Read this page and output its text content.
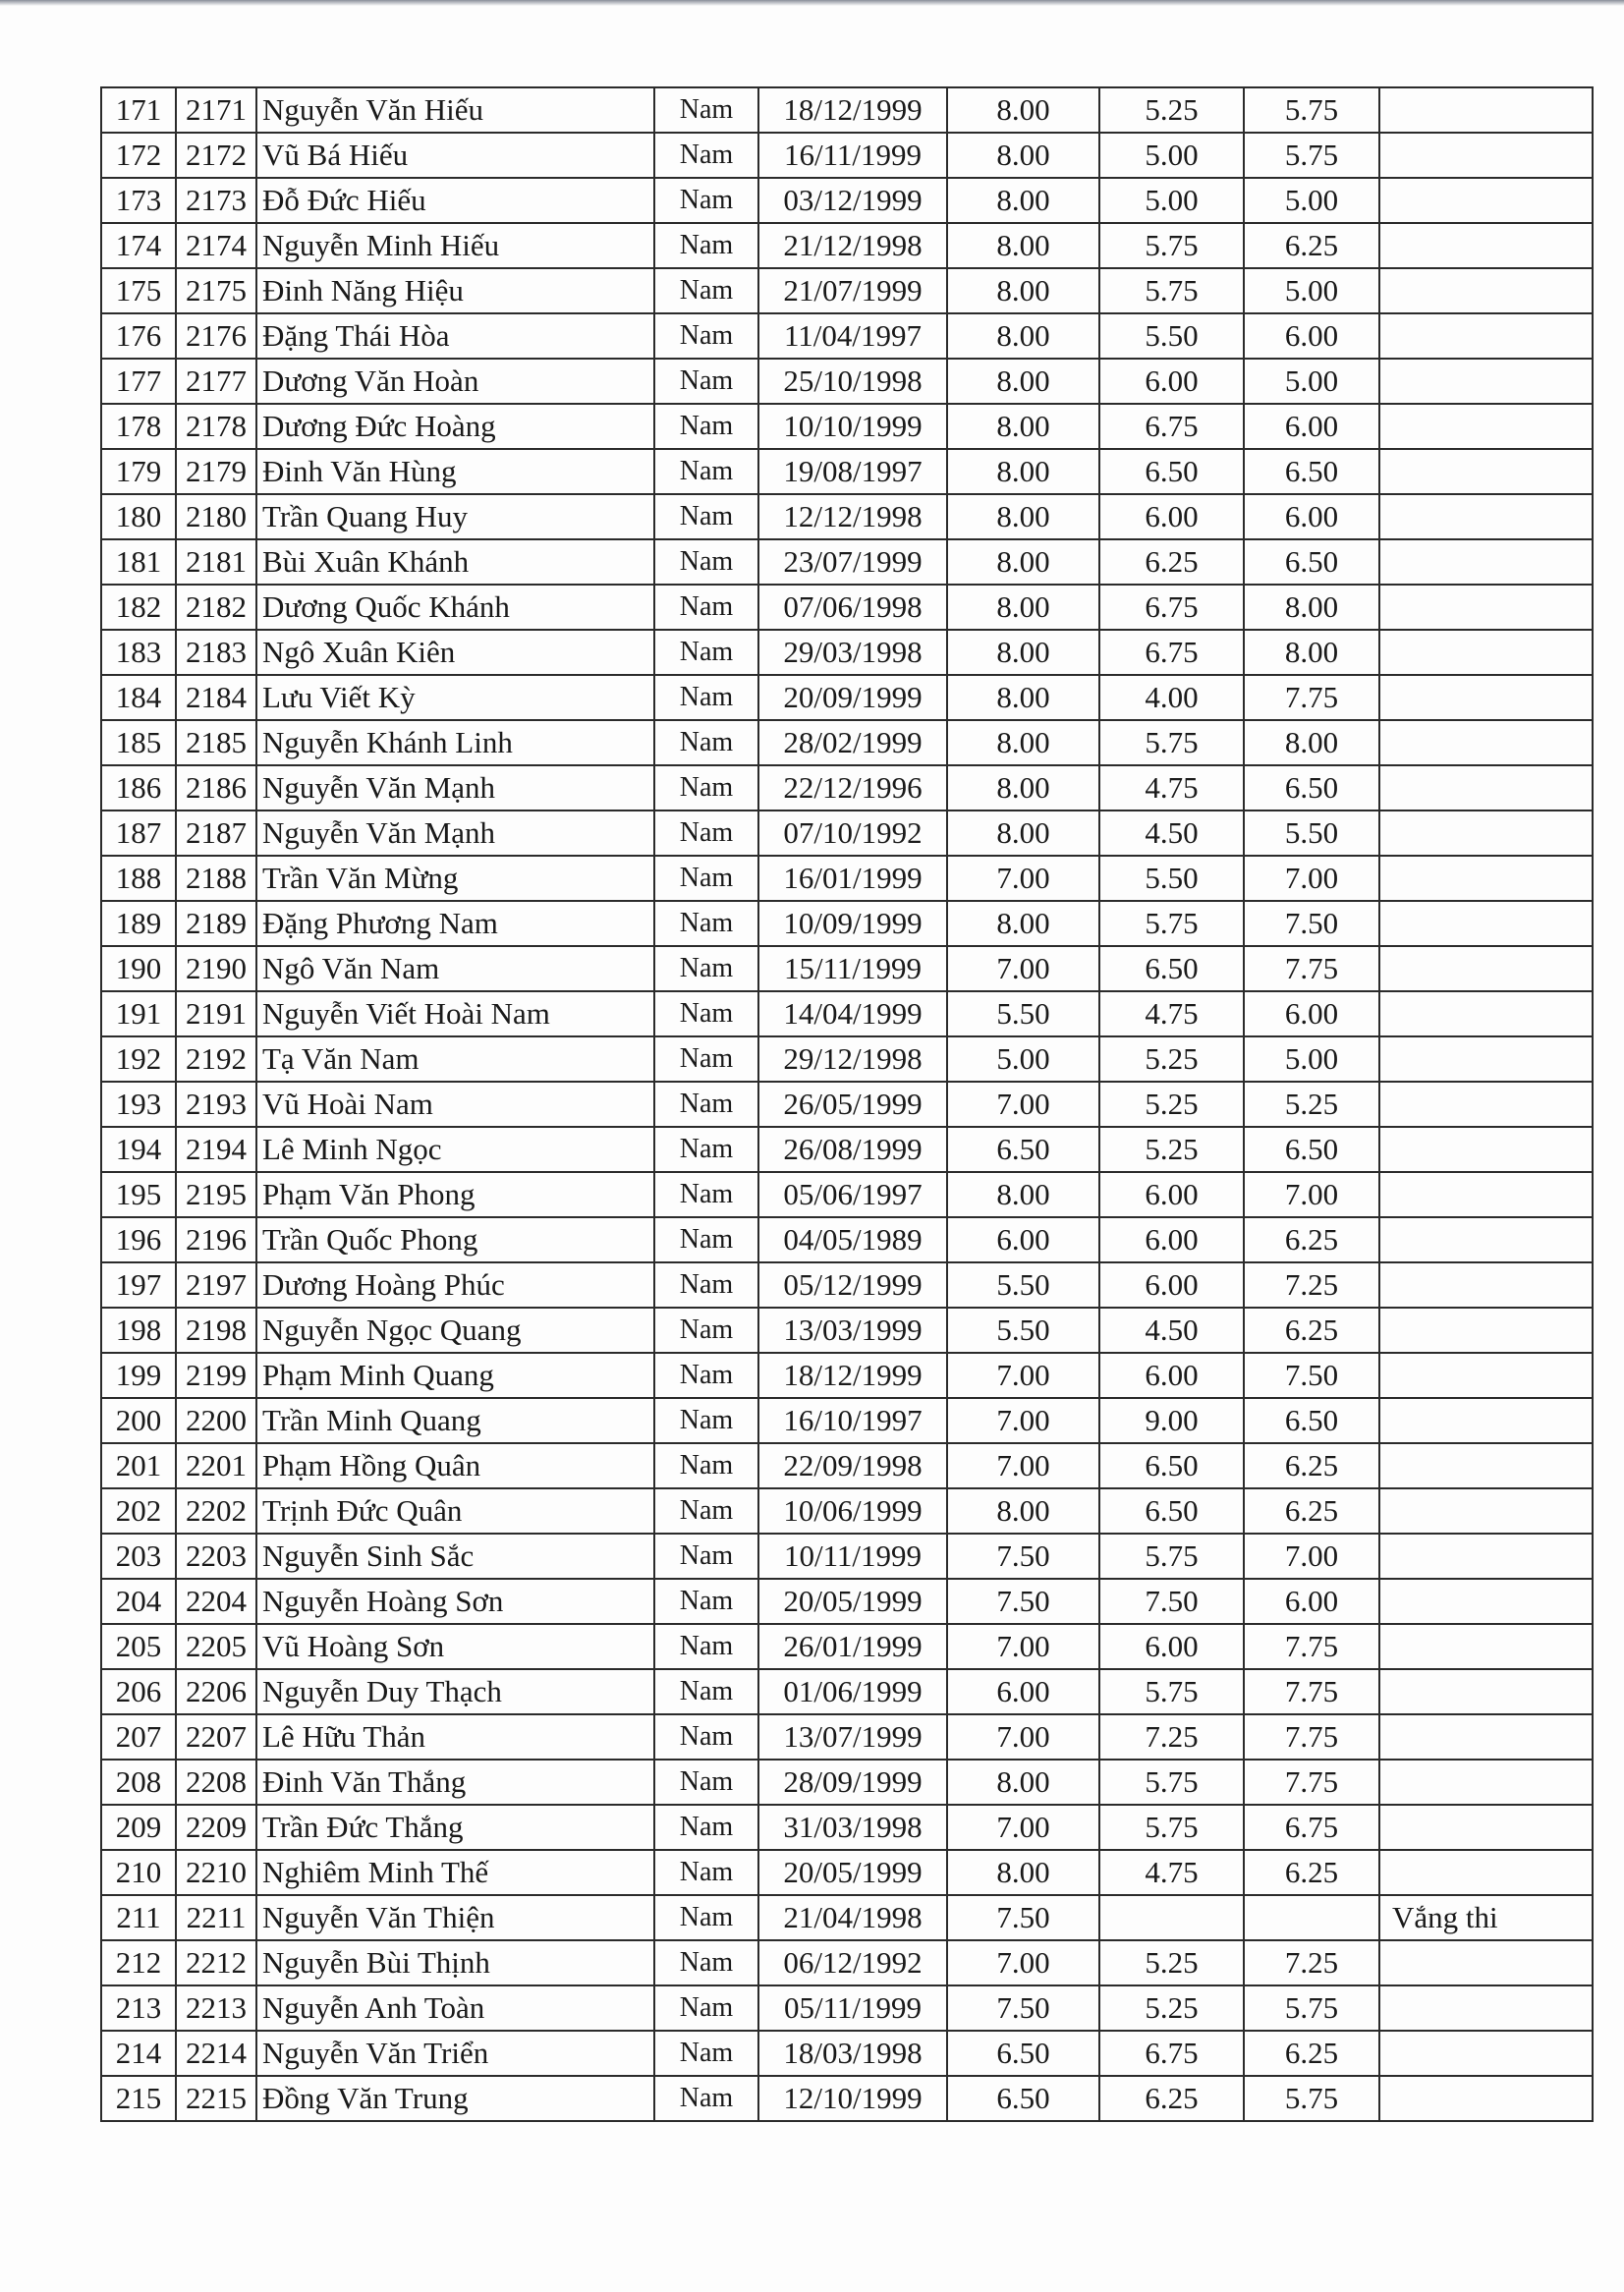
171	2171	Nguyễn Văn Hiếu	Nam	18/12/1999	8.00	5.25	5.75	
172	2172	Vũ Bá Hiếu	Nam	16/11/1999	8.00	5.00	5.75	
173	2173	Đỗ Đức Hiếu	Nam	03/12/1999	8.00	5.00	5.00	
174	2174	Nguyễn Minh Hiếu	Nam	21/12/1998	8.00	5.75	6.25	
175	2175	Đinh Năng Hiệu	Nam	21/07/1999	8.00	5.75	5.00	
176	2176	Đặng Thái Hòa	Nam	11/04/1997	8.00	5.50	6.00	
177	2177	Dương Văn Hoàn	Nam	25/10/1998	8.00	6.00	5.00	
178	2178	Dương Đức Hoàng	Nam	10/10/1999	8.00	6.75	6.00	
179	2179	Đinh Văn Hùng	Nam	19/08/1997	8.00	6.50	6.50	
180	2180	Trần Quang Huy	Nam	12/12/1998	8.00	6.00	6.00	
181	2181	Bùi Xuân Khánh	Nam	23/07/1999	8.00	6.25	6.50	
182	2182	Dương Quốc Khánh	Nam	07/06/1998	8.00	6.75	8.00	
183	2183	Ngô Xuân Kiên	Nam	29/03/1998	8.00	6.75	8.00	
184	2184	Lưu Viết Kỳ	Nam	20/09/1999	8.00	4.00	7.75	
185	2185	Nguyễn Khánh Linh	Nam	28/02/1999	8.00	5.75	8.00	
186	2186	Nguyễn Văn Mạnh	Nam	22/12/1996	8.00	4.75	6.50	
187	2187	Nguyễn Văn Mạnh	Nam	07/10/1992	8.00	4.50	5.50	
188	2188	Trần Văn Mừng	Nam	16/01/1999	7.00	5.50	7.00	
189	2189	Đặng Phương Nam	Nam	10/09/1999	8.00	5.75	7.50	
190	2190	Ngô Văn Nam	Nam	15/11/1999	7.00	6.50	7.75	
191	2191	Nguyễn Viết Hoài Nam	Nam	14/04/1999	5.50	4.75	6.00	
192	2192	Tạ Văn Nam	Nam	29/12/1998	5.00	5.25	5.00	
193	2193	Vũ Hoài Nam	Nam	26/05/1999	7.00	5.25	5.25	
194	2194	Lê Minh Ngọc	Nam	26/08/1999	6.50	5.25	6.50	
195	2195	Phạm Văn Phong	Nam	05/06/1997	8.00	6.00	7.00	
196	2196	Trần Quốc Phong	Nam	04/05/1989	6.00	6.00	6.25	
197	2197	Dương Hoàng Phúc	Nam	05/12/1999	5.50	6.00	7.25	
198	2198	Nguyễn Ngọc Quang	Nam	13/03/1999	5.50	4.50	6.25	
199	2199	Phạm Minh Quang	Nam	18/12/1999	7.00	6.00	7.50	
200	2200	Trần Minh Quang	Nam	16/10/1997	7.00	9.00	6.50	
201	2201	Phạm Hồng Quân	Nam	22/09/1998	7.00	6.50	6.25	
202	2202	Trịnh Đức Quân	Nam	10/06/1999	8.00	6.50	6.25	
203	2203	Nguyễn Sinh Sắc	Nam	10/11/1999	7.50	5.75	7.00	
204	2204	Nguyễn Hoàng Sơn	Nam	20/05/1999	7.50	7.50	6.00	
205	2205	Vũ Hoàng Sơn	Nam	26/01/1999	7.00	6.00	7.75	
206	2206	Nguyễn Duy Thạch	Nam	01/06/1999	6.00	5.75	7.75	
207	2207	Lê Hữu Thản	Nam	13/07/1999	7.00	7.25	7.75	
208	2208	Đinh Văn Thắng	Nam	28/09/1999	8.00	5.75	7.75	
209	2209	Trần Đức Thắng	Nam	31/03/1998	7.00	5.75	6.75	
210	2210	Nghiêm Minh Thế	Nam	20/05/1999	8.00	4.75	6.25	
211	2211	Nguyễn Văn Thiện	Nam	21/04/1998	7.50			Vắng thi
212	2212	Nguyễn Bùi Thịnh	Nam	06/12/1992	7.00	5.25	7.25	
213	2213	Nguyễn Anh Toàn	Nam	05/11/1999	7.50	5.25	5.75	
214	2214	Nguyễn Văn Triển	Nam	18/03/1998	6.50	6.75	6.25	
215	2215	Đồng Văn Trung	Nam	12/10/1999	6.50	6.25	5.75	
